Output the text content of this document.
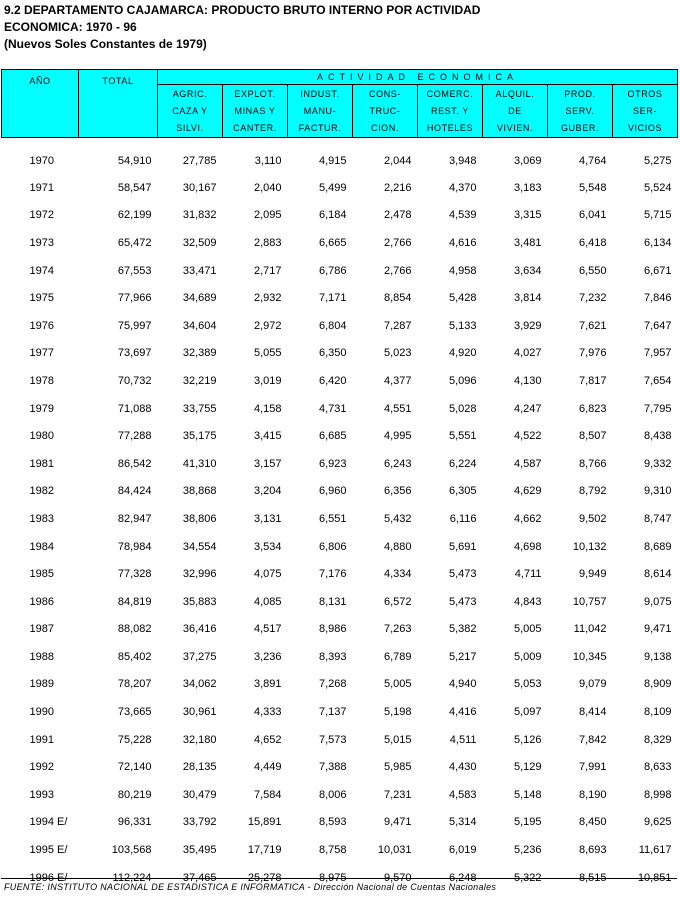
9.2 DEPARTAMENTO CAJAMARCA: PRODUCTO BRUTO INTERNO POR ACTIVIDAD
ECONOMICA: 1970 - 96
(Nuevos Soles Constantes de 1979)
AÑO	TOTAL	ACTIVIDAD ECONOMICA							

		AGRIC.
CAZA Y
SILVI.	EXPLOT.
MINAS Y
CANTER.	INDUST.
MANU-
FACTUR.	CONS-
TRUC-
CION.	COMERC.
REST. Y
HOTELES	ALQUIL.
DE
VIVIEN.	PROD.
SERV.
GUBER.	OTROS
SER-
VICIOS

1970	54,910	27,785	3,110	4,915	2,044	3,948	3,069	4,764	5,275
1971	58,547	30,167	2,040	5,499	2,216	4,370	3,183	5,548	5,524
1972	62,199	31,832	2,095	6,184	2,478	4,539	3,315	6,041	5,715
1973	65,472	32,509	2,883	6,665	2,766	4,616	3,481	6,418	6,134
1974	67,553	33,471	2,717	6,786	2,766	4,958	3,634	6,550	6,671
1975	77,966	34,689	2,932	7,171	8,854	5,428	3,814	7,232	7,846
1976	75,997	34,604	2,972	6,804	7,287	5,133	3,929	7,621	7,647
1977	73,697	32,389	5,055	6,350	5,023	4,920	4,027	7,976	7,957
1978	70,732	32,219	3,019	6,420	4,377	5,096	4,130	7,817	7,654
1979	71,088	33,755	4,158	4,731	4,551	5,028	4,247	6,823	7,795
1980	77,288	35,175	3,415	6,685	4,995	5,551	4,522	8,507	8,438
1981	86,542	41,310	3,157	6,923	6,243	6,224	4,587	8,766	9,332
1982	84,424	38,868	3,204	6,960	6,356	6,305	4,629	8,792	9,310
1983	82,947	38,806	3,131	6,551	5,432	6,116	4,662	9,502	8,747
1984	78,984	34,554	3,534	6,806	4,880	5,691	4,698	10,132	8,689
1985	77,328	32,996	4,075	7,176	4,334	5,473	4,711	9,949	8,614
1986	84,819	35,883	4,085	8,131	6,572	5,473	4,843	10,757	9,075
1987	88,082	36,416	4,517	8,986	7,263	5,382	5,005	11,042	9,471
1988	85,402	37,275	3,236	8,393	6,789	5,217	5,009	10,345	9,138
1989	78,207	34,062	3,891	7,268	5,005	4,940	5,053	9,079	8,909
1990	73,665	30,961	4,333	7,137	5,198	4,416	5,097	8,414	8,109
1991	75,228	32,180	4,652	7,573	5,015	4,511	5,126	7,842	8,329
1992	72,140	28,135	4,449	7,388	5,985	4,430	5,129	7,991	8,633
1993	80,219	30,479	7,584	8,006	7,231	4,583	5,148	8,190	8,998
1994 E/	96,331	33,792	15,891	8,593	9,471	5,314	5,195	8,450	9,625
1995 E/	103,568	35,495	17,719	8,758	10,031	6,019	5,236	8,693	11,617
1996 E/	112,224	37,465	25,278	8,975	9,570	6,248	5,322	8,515	10,851
FUENTE: INSTITUTO NACIONAL DE ESTADISTICA E INFORMATICA - Dirección Nacional de Cuentas Nacionales
